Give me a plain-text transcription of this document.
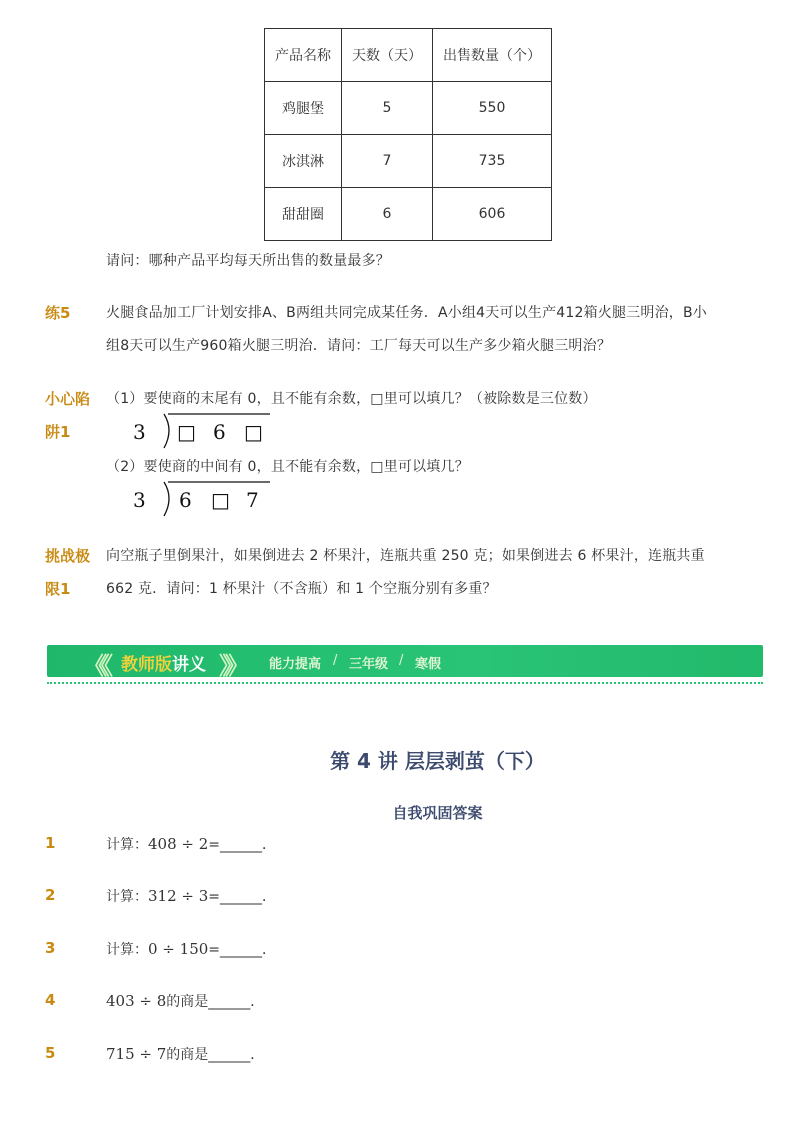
产品名称	天数（天）	出售数量（个）
鸡腿堡	5	550
冰淇淋	7	735
甜甜圈	6	606
请问：哪种产品平均每天所出售的数量最多？
练5	火腿食品加工厂计划安排A、B两组共同完成某任务．A小组4天可以生产412箱火腿三明治，B小
组8天可以生产960箱火腿三明治．请问：工厂每天可以生产多少箱火腿三明治？
小心陷
阱1
（1）要使商的末尾有 0，且不能有余数，□里可以填几？（被除数是三位数）
3 □ 6 □
（2）要使商的中间有 0，且不能有余数，□里可以填几？
3 6 □ 7
挑战极
限1
向空瓶子里倒果汁，如果倒进去 2 杯果汁，连瓶共重 250 克；如果倒进去 6 杯果汁，连瓶共重
662 克．请问：1 杯果汁（不含瓶）和 1 个空瓶分别有多重？
《《 教师版 讲义 》》 能力提高 / 三年级 / 寒假
第 4 讲 层层剥茧（下）
自我巩固答案
1	计算：408 ÷ 2=______．
2	计算：312 ÷ 3=______．
3	计算：0 ÷ 150=______．
4	403 ÷ 8的商是______．
5	715 ÷ 7的商是______．
